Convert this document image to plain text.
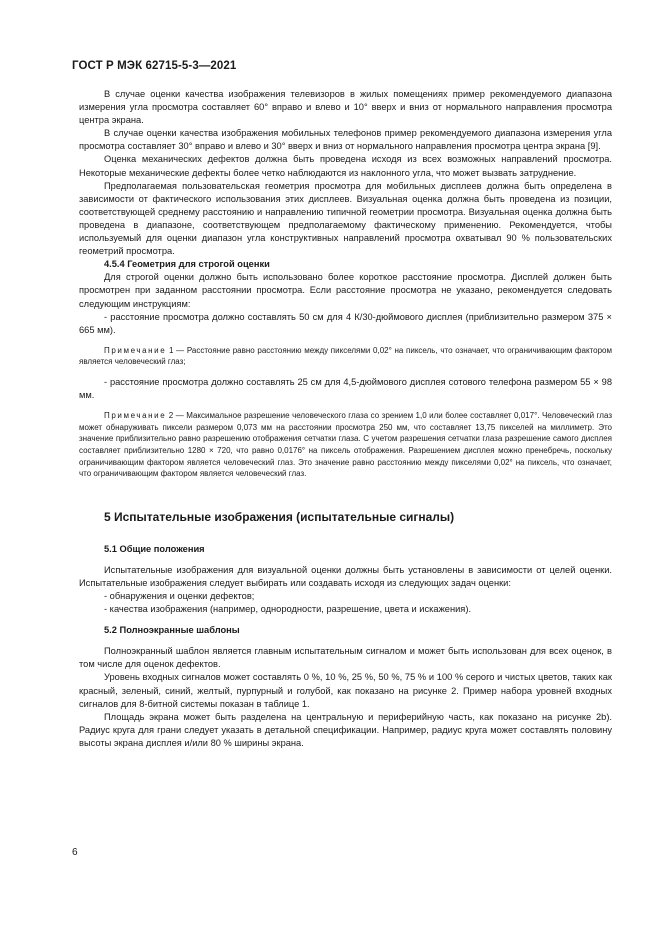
ГОСТ Р МЭК 62715-5-3—2021

В случае оценки качества изображения телевизоров в жилых помещениях пример рекомендуемого диапазона измерения угла просмотра составляет 60° вправо и влево и 10° вверх и вниз от нормального направления просмотра центра экрана.

В случае оценки качества изображения мобильных телефонов пример рекомендуемого диапазона измерения угла просмотра составляет 30° вправо и влево и 30° вверх и вниз от нормального направления просмотра центра экрана [9].

Оценка механических дефектов должна быть проведена исходя из всех возможных направлений просмотра. Некоторые механические дефекты более четко наблюдаются из наклонного угла, что может вызвать затруднение.

Предполагаемая пользовательская геометрия просмотра для мобильных дисплеев должна быть определена в зависимости от фактического использования этих дисплеев. Визуальная оценка должна быть проведена из позиции, соответствующей среднему расстоянию и направлению типичной геометрии просмотра. Визуальная оценка должна быть проведена в диапазоне, соответствующем предполагаемому фактическому применению. Рекомендуется, чтобы используемый для оценки диапазон угла конструктивных направлений просмотра охватывал 90 % пользовательских геометрий просмотра.

4.5.4 Геометрия для строгой оценки

Для строгой оценки должно быть использовано более короткое расстояние просмотра. Дисплей должен быть просмотрен при заданном расстоянии просмотра. Если расстояние просмотра не указано, рекомендуется следовать следующим инструкциям:

- расстояние просмотра должно составлять 50 см для 4 К/30-дюймового дисплея (приблизительно размером 375 × 665 мм).

Примечание 1 — Расстояние равно расстоянию между пикселями 0,02° на пиксель, что означает, что ограничивающим фактором является человеческий глаз;

- расстояние просмотра должно составлять 25 см для 4,5-дюймового дисплея сотового телефона размером 55 × 98 мм.

Примечание 2 — Максимальное разрешение человеческого глаза со зрением 1,0 или более составляет 0,017°. Человеческий глаз может обнаруживать пиксели размером 0,073 мм на расстоянии просмотра 250 мм, что составляет 13,75 пикселей на миллиметр. Это значение приблизительно равно разрешению отображения сетчатки глаза. С учетом разрешения сетчатки глаза разрешение самого дисплея составляет приблизительно 1280 × 720, что равно 0,0176° на пиксель отображения. Разрешением дисплея можно пренебречь, поскольку ограничивающим фактором является человеческий глаз. Это значение равно расстоянию между пикселями 0,02° на пиксель, что означает, что ограничивающим фактором является человеческий глаз.

5 Испытательные изображения (испытательные сигналы)

5.1 Общие положения

Испытательные изображения для визуальной оценки должны быть установлены в зависимости от целей оценки. Испытательные изображения следует выбирать или создавать исходя из следующих задач оценки:

- обнаружения и оценки дефектов;

- качества изображения (например, однородности, разрешение, цвета и искажения).

5.2 Полноэкранные шаблоны

Полноэкранный шаблон является главным испытательным сигналом и может быть использован для всех оценок, в том числе для оценок дефектов.

Уровень входных сигналов может составлять 0 %, 10 %, 25 %, 50 %, 75 % и 100 % серого и чистых цветов, таких как красный, зеленый, синий, желтый, пурпурный и голубой, как показано на рисунке 2. Пример набора уровней входных сигналов для 8-битной системы показан в таблице 1.

Площадь экрана может быть разделена на центральную и периферийную часть, как показано на рисунке 2b). Радиус круга для грани следует указать в детальной спецификации. Например, радиус круга может составлять половину высоты экрана дисплея и/или 80 % ширины экрана.

6
